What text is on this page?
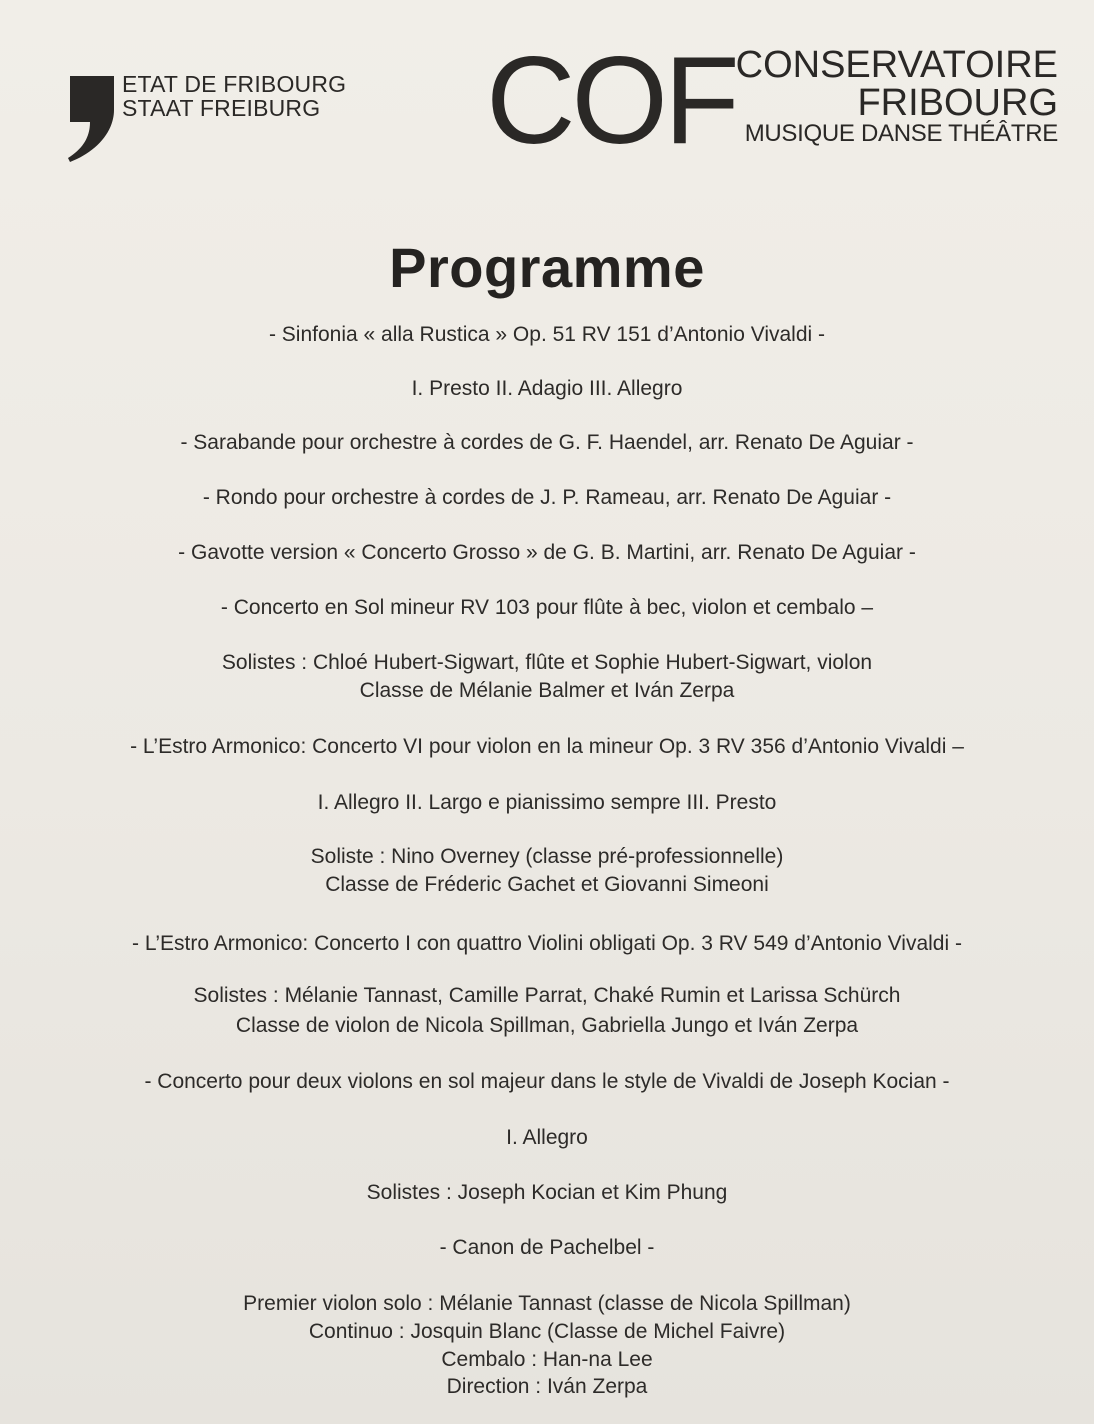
ETAT DE FRIBOURG
STAAT FREIBURG COF CONSERVATOIRE
FRIBOURG
MUSIQUE DANSE THÉÂTRE
Programme
- Sinfonia « alla Rustica » Op. 51 RV 151 d’Antonio Vivaldi -
I. Presto II. Adagio III. Allegro
- Sarabande pour orchestre à cordes de G. F. Haendel, arr. Renato De Aguiar -
- Rondo pour orchestre à cordes de J. P. Rameau, arr. Renato De Aguiar -
- Gavotte version « Concerto Grosso » de G. B. Martini, arr. Renato De Aguiar -
- Concerto en Sol mineur RV 103 pour flûte à bec, violon et cembalo –
Solistes : Chloé Hubert-Sigwart, flûte et Sophie Hubert-Sigwart, violon
Classe de Mélanie Balmer et Iván Zerpa
- L’Estro Armonico: Concerto VI pour violon en la mineur Op. 3 RV 356 d’Antonio Vivaldi –
I. Allegro II. Largo e pianissimo sempre III. Presto
Soliste : Nino Overney (classe pré-professionnelle)
Classe de Fréderic Gachet et Giovanni Simeoni
- L’Estro Armonico: Concerto I con quattro Violini obligati Op. 3 RV 549 d’Antonio Vivaldi -
Solistes : Mélanie Tannast, Camille Parrat, Chaké Rumin et Larissa Schürch
Classe de violon de Nicola Spillman, Gabriella Jungo et Iván Zerpa
- Concerto pour deux violons en sol majeur dans le style de Vivaldi de Joseph Kocian -
I. Allegro
Solistes : Joseph Kocian et Kim Phung
- Canon de Pachelbel -
Premier violon solo : Mélanie Tannast (classe de Nicola Spillman)
Continuo : Josquin Blanc (Classe de Michel Faivre)
Cembalo : Han-na Lee
Direction : Iván Zerpa
